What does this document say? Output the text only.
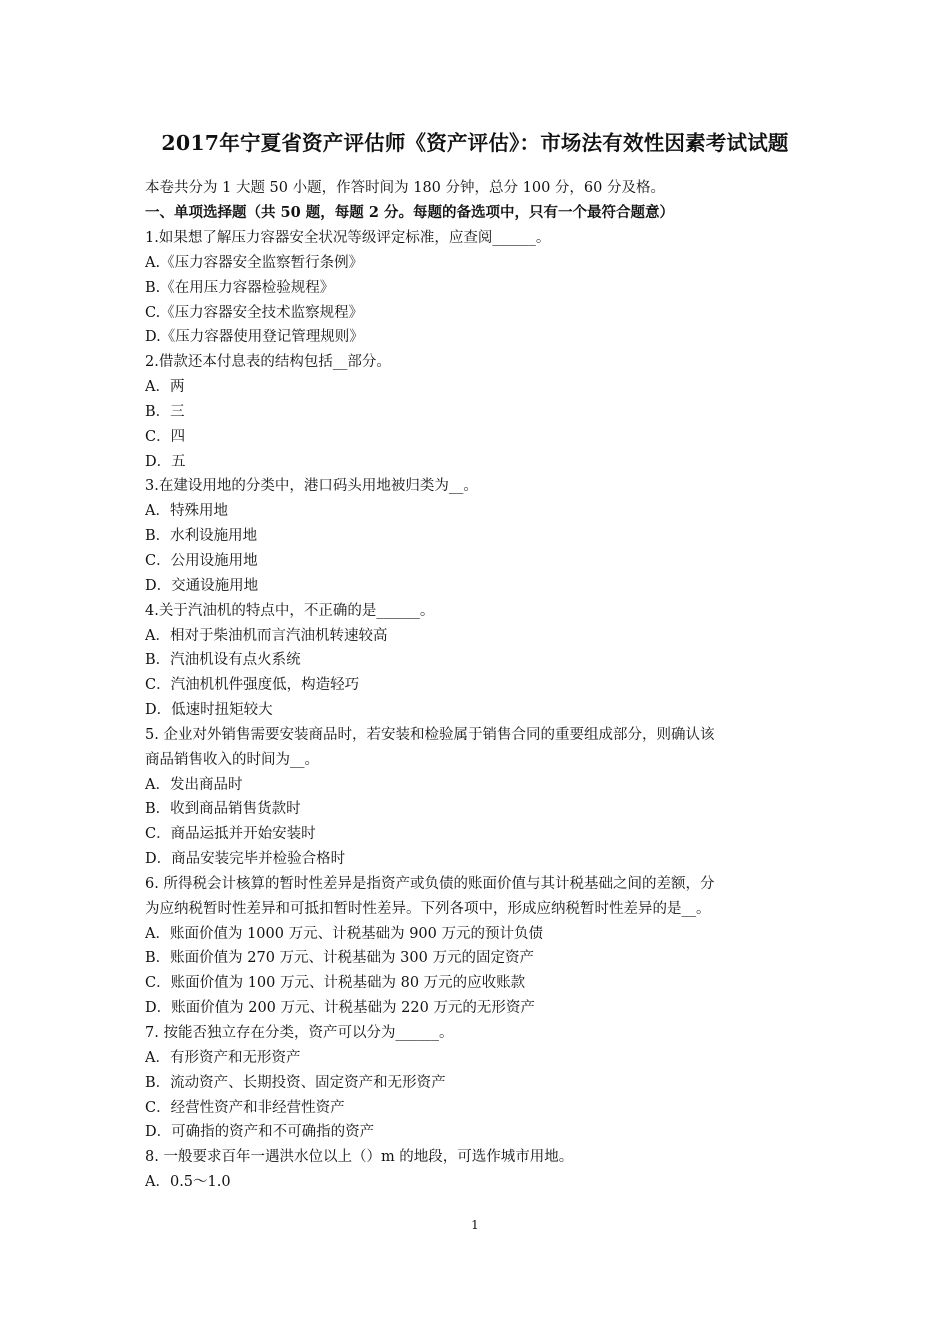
2017年宁夏省资产评估师《资产评估》：市场法有效性因素考试试题
本卷共分为 1 大题 50 小题，作答时间为 180 分钟，总分 100 分，60 分及格。
一、单项选择题（共 50 题，每题 2 分。每题的备选项中，只有一个最符合题意）
1.如果想了解压力容器安全状况等级评定标准，应查阅______。
A.《压力容器安全监察暂行条例》
B.《在用压力容器检验规程》
C.《压力容器安全技术监察规程》
D.《压力容器使用登记管理规则》
2.借款还本付息表的结构包括__部分。
A．两
B．三
C．四
D．五
3.在建设用地的分类中，港口码头用地被归类为__。
A．特殊用地
B．水利设施用地
C．公用设施用地
D．交通设施用地
4.关于汽油机的特点中，不正确的是______。
A．相对于柴油机而言汽油机转速较高
B．汽油机设有点火系统
C．汽油机机件强度低，构造轻巧
D．低速时扭矩较大
5. 企业对外销售需要安装商品时，若安装和检验属于销售合同的重要组成部分，则确认该
商品销售收入的时间为__。
A．发出商品时
B．收到商品销售货款时
C．商品运抵并开始安装时
D．商品安装完毕并检验合格时
6. 所得税会计核算的暂时性差异是指资产或负债的账面价值与其计税基础之间的差额，分
为应纳税暂时性差异和可抵扣暂时性差异。下列各项中，形成应纳税暂时性差异的是__。
A．账面价值为 1000 万元、计税基础为 900 万元的预计负债
B．账面价值为 270 万元、计税基础为 300 万元的固定资产
C．账面价值为 100 万元、计税基础为 80 万元的应收账款
D．账面价值为 200 万元、计税基础为 220 万元的无形资产
7. 按能否独立存在分类，资产可以分为______。
A．有形资产和无形资产
B．流动资产、长期投资、固定资产和无形资产
C．经营性资产和非经营性资产
D．可确指的资产和不可确指的资产
8. 一般要求百年一遇洪水位以上（）m 的地段，可选作城市用地。
A．0.5～1.0
1
